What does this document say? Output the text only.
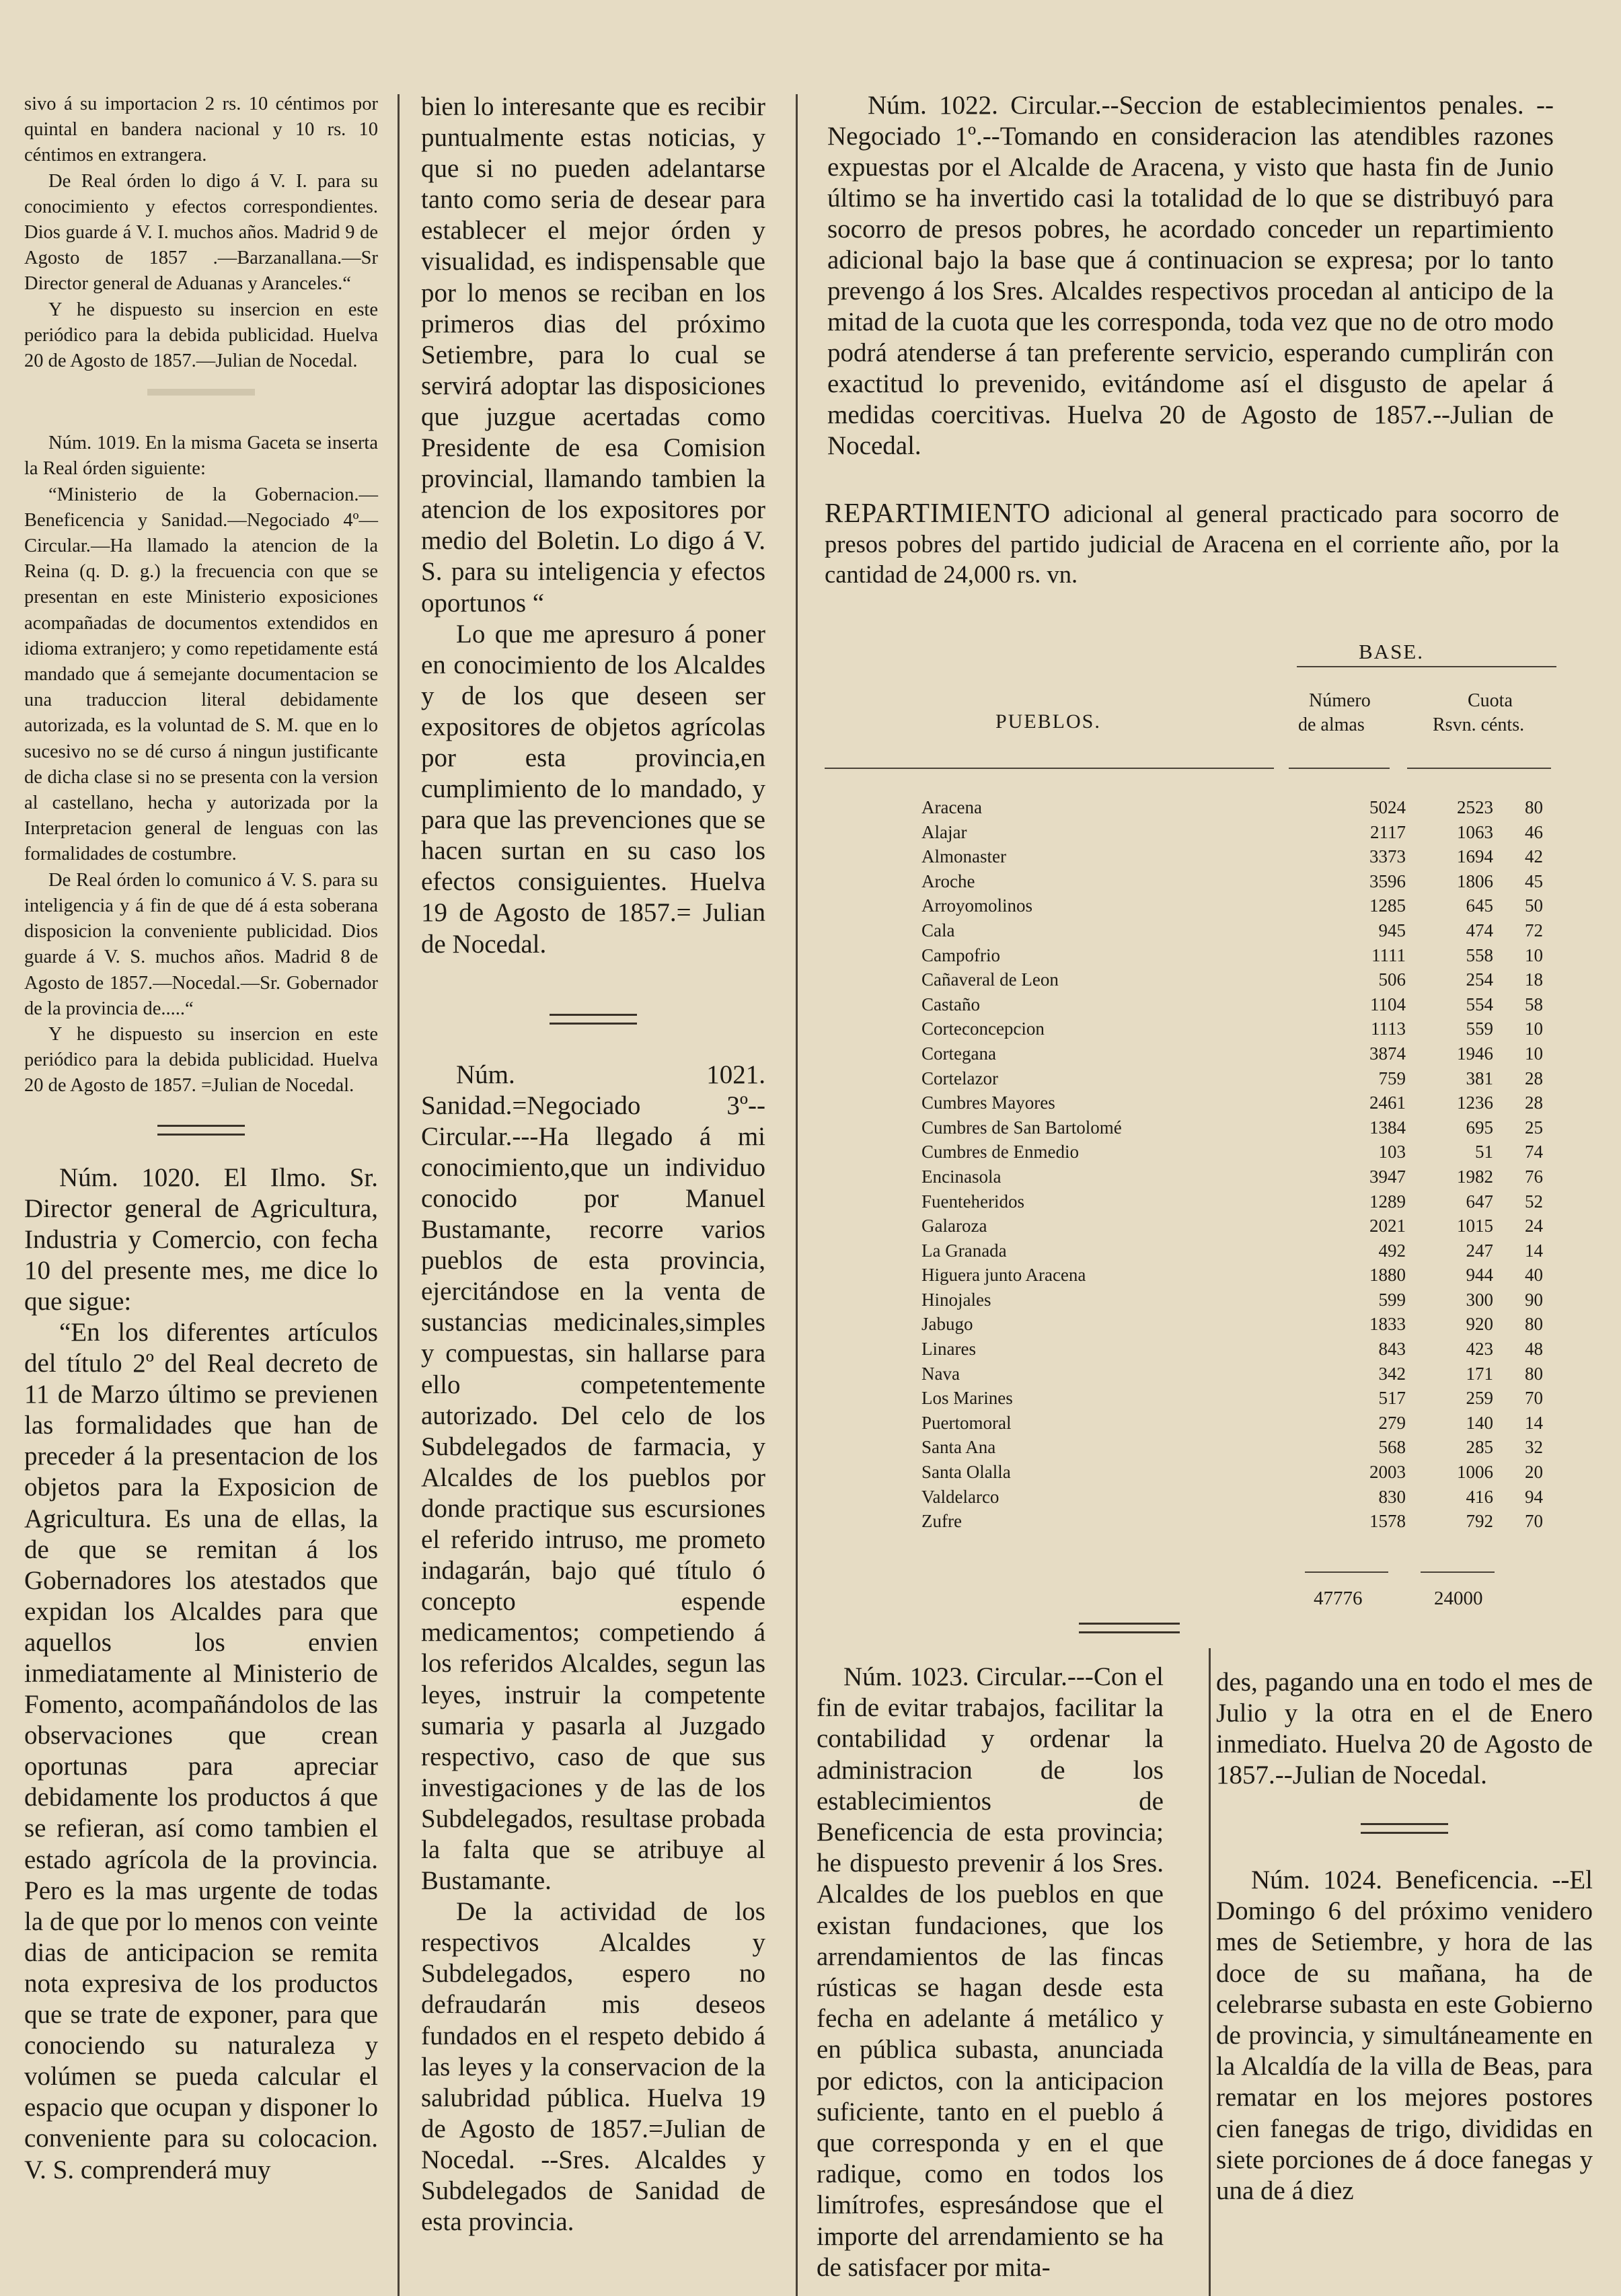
sivo á su importacion 2 rs. 10 céntimos por quintal en bandera nacional y 10 rs. 10 céntimos en extrangera.

De Real órden lo digo á V. I. para su conocimiento y efectos correspondientes. Dios guarde á V. I. muchos años. Madrid 9 de Agosto de 1857 .—Barzanallana.—Sr Director general de Aduanas y Aranceles.“

Y he dispuesto su insercion en este periódico para la debida publicidad. Huelva 20 de Agosto de 1857.—Julian de Nocedal.

Núm. 1019. En la misma Gaceta se inserta la Real órden siguiente:

“Ministerio de la Gobernacion.—Beneficencia y Sanidad.—Negociado 4º—Circular.—Ha llamado la atencion de la Reina (q. D. g.) la frecuencia con que se presentan en este Ministerio exposiciones acompañadas de documentos extendidos en idioma extranjero; y como repetidamente está mandado que á semejante documentacion se una traduccion literal debidamente autorizada, es la voluntad de S. M. que en lo sucesivo no se dé curso á ningun justificante de dicha clase si no se presenta con la version al castellano, hecha y autorizada por la Interpretacion general de lenguas con las formalidades de costumbre.

De Real órden lo comunico á V. S. para su inteligencia y á fin de que dé á esta soberana disposicion la conveniente publicidad. Dios guarde á V. S. muchos años. Madrid 8 de Agosto de 1857.—Nocedal.—Sr. Gobernador de la provincia de.....“

Y he dispuesto su insercion en este periódico para la debida publicidad. Huelva 20 de Agosto de 1857. =Julian de Nocedal.

Núm. 1020. El Ilmo. Sr. Director general de Agricultura, Industria y Comercio, con fecha 10 del presente mes, me dice lo que sigue:

“En los diferentes artículos del título 2º del Real decreto de 11 de Marzo último se previenen las formalidades que han de preceder á la presentacion de los objetos para la Exposicion de Agricultura. Es una de ellas, la de que se remitan á los Gobernadores los atestados que expidan los Alcaldes para que aquellos los envien inmediatamente al Ministerio de Fomento, acompañándolos de las observaciones que crean oportunas para apreciar debidamente los productos á que se refieran, así como tambien el estado agrícola de la provincia. Pero es la mas urgente de todas la de que por lo menos con veinte dias de anticipacion se remita nota expresiva de los productos que se trate de exponer, para que conociendo su naturaleza y volúmen se pueda calcular el espacio que ocupan y disponer lo conveniente para su colocacion. V. S. comprenderá muy

bien lo interesante que es recibir puntualmente estas noticias, y que si no pueden adelantarse tanto como seria de desear para establecer el mejor órden y visualidad, es indispensable que por lo menos se reciban en los primeros dias del próximo Setiembre, para lo cual se servirá adoptar las disposiciones que juzgue acertadas como Presidente de esa Comision provincial, llamando tambien la atencion de los expositores por medio del Boletin. Lo digo á V. S. para su inteligencia y efectos oportunos “

Lo que me apresuro á poner en conocimiento de los Alcaldes y de los que deseen ser expositores de objetos agrícolas por esta provincia,en cumplimiento de lo mandado, y para que las prevenciones que se hacen surtan en su caso los efectos consiguientes. Huelva 19 de Agosto de 1857.= Julian de Nocedal.

Núm. 1021. Sanidad.=Negociado 3º--Circular.---Ha llegado á mi conocimiento,que un individuo conocido por Manuel Bustamante, recorre varios pueblos de esta provincia, ejercitándose en la venta de sustancias medicinales,simples y compuestas, sin hallarse para ello competentemente autorizado. Del celo de los Subdelegados de farmacia, y Alcaldes de los pueblos por donde practique sus escursiones el referido intruso, me prometo indagarán, bajo qué título ó concepto espende medicamentos; competiendo á los referidos Alcaldes, segun las leyes, instruir la competente sumaria y pasarla al Juzgado respectivo, caso de que sus investigaciones y de las de los Subdelegados, resultase probada la falta que se atribuye al Bustamante.

De la actividad de los respectivos Alcaldes y Subdelegados, espero no defraudarán mis deseos fundados en el respeto debido á las leyes y la conservacion de la salubridad pública. Huelva 19 de Agosto de 1857.=Julian de Nocedal. --Sres. Alcaldes y Subdelegados de Sanidad de esta provincia.

Núm. 1022. Circular.--Seccion de establecimientos penales. --Negociado 1º.--Tomando en consideracion las atendibles razones expuestas por el Alcalde de Aracena, y visto que hasta fin de Junio último se ha invertido casi la totalidad de lo que se distribuyó para socorro de presos pobres, he acordado conceder un repartimiento adicional bajo la base que á continuacion se expresa; por lo tanto prevengo á los Sres. Alcaldes respectivos procedan al anticipo de la mitad de la cuota que les corresponda, toda vez que no de otro modo podrá atenderse á tan preferente servicio, esperando cumplirán con exactitud lo prevenido, evitándome así el disgusto de apelar á medidas coercitivas. Huelva 20 de Agosto de 1857.--Julian de Nocedal.

REPARTIMIENTO adicional al general practicado para socorro de presos pobres del partido judicial de Aracena en el corriente año, por la cantidad de 24,000 rs. vn.
BASE.
PUEBLOS.
Número
de almas
Cuota
Rsvn. cénts.
Aracena		5024		2523	80
Alajar		2117		1063	46
Almonaster		3373		1694	42
Aroche		3596		1806	45
Arroyomolinos		1285		645	50
Cala		945		474	72
Campofrio		1111		558	10
Cañaveral de Leon		506		254	18
Castaño		1104		554	58
Corteconcepcion		1113		559	10
Cortegana		3874		1946	10
Cortelazor		759		381	28
Cumbres Mayores		2461		1236	28
Cumbres de San Bartolomé		1384		695	25
Cumbres de Enmedio		103		51	74
Encinasola		3947		1982	76
Fuenteheridos		1289		647	52
Galaroza		2021		1015	24
La Granada		492		247	14
Higuera junto Aracena		1880		944	40
Hinojales		599		300	90
Jabugo		1833		920	80
Linares		843		423	48
Nava		342		171	80
Los Marines		517		259	70
Puertomoral		279		140	14
Santa Ana		568		285	32
Santa Olalla		2003		1006	20
Valdelarco		830		416	94
Zufre		1578		792	70
47776	24000

Núm. 1023. Circular.---Con el fin de evitar trabajos, facilitar la contabilidad y ordenar la administracion de los establecimientos de Beneficencia de esta provincia; he dispuesto prevenir á los Sres. Alcaldes de los pueblos en que existan fundaciones, que los arrendamientos de las fincas rústicas se hagan desde esta fecha en adelante á metálico y en pública subasta, anunciada por edictos, con la anticipacion suficiente, tanto en el pueblo á que corresponda y en el que radique, como en todos los limítrofes, espresándose que el importe del arrendamiento se ha de satisfacer por mita-

des, pagando una en todo el mes de Julio y la otra en el de Enero inmediato. Huelva 20 de Agosto de 1857.--Julian de Nocedal.

Núm. 1024. Beneficencia. --El Domingo 6 del próximo venidero mes de Setiembre, y hora de las doce de su mañana, ha de celebrarse subasta en este Gobierno de provincia, y simultáneamente en la Alcaldía de la villa de Beas, para rematar en los mejores postores cien fanegas de trigo, divididas en siete porciones de á doce fanegas y una de á diez
